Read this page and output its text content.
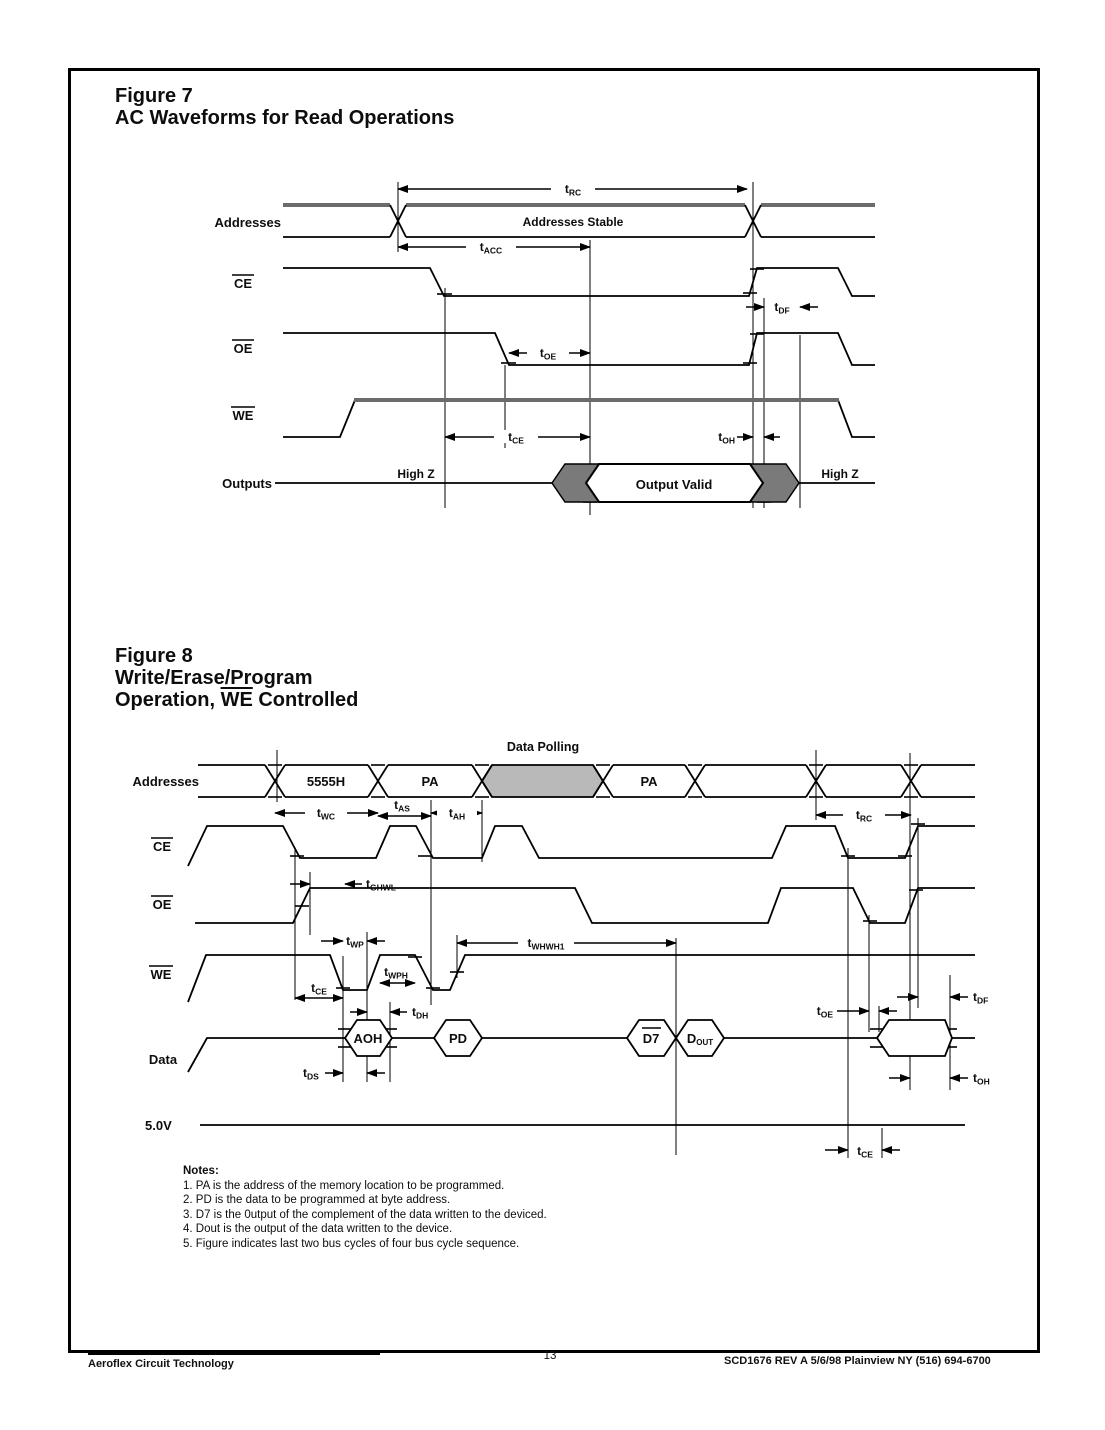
Figure 7
AC Waveforms for Read Operations
Addresses
CE
OE
WE
Outputs
Addresses Stable
High Z	High Z
Output Valid
$t_{RC}$
$t_{ACC}$
$t_{OE}$
$t_{CE}$
$t_{DF}$
$t_{OH}$
Figure 8
Write/Erase/Program
Operation, $\overline{WE}$ Controlled
Addresses
CE
OE
WE
Data
5.0V
Data Polling
5555H	PA	PA
AOH	PD	D7 DOUT
$t_{WC}$
$t_{AS}$	$t_{AH}$	$t_{RC}$
$t_{GHWL}$
$t_{WP}$
$t_{WPH}$
$t_{CE}$
$t_{WHWH1}$
$t_{DH}$
$t_{DS}$
$t_{OE}$
$t_{DF}$
$t_{OH}$
$t_{CE}$
Notes:
1. PA is the address of the memory location to be programmed.
2. PD is the data to be programmed at byte address.
3. D7 is the 0utput of the complement of the data written to the deviced.
4. Dout is the output of the data written to the device.
5. Figure indicates last two bus cycles of four bus cycle sequence.
Aeroflex Circuit Technology
13	SCD1676 REV A 5/6/98 Plainview NY (516) 694-6700
